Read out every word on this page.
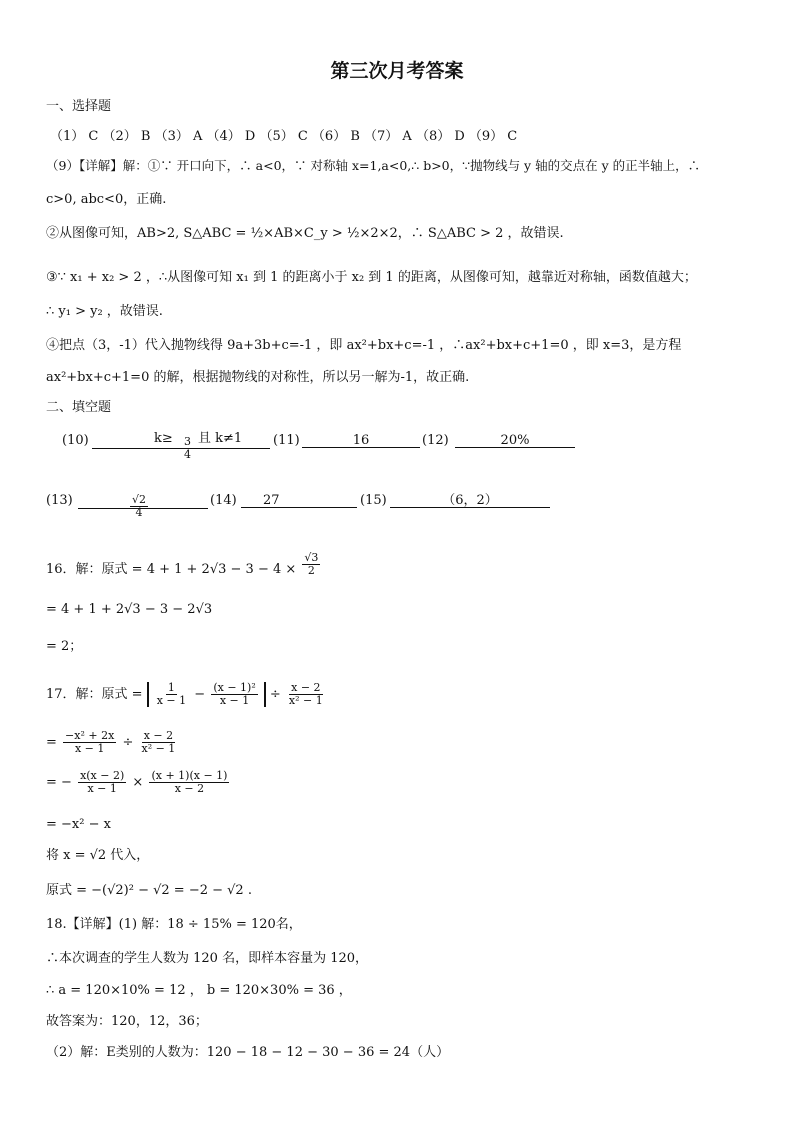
第三次月考答案
一、选择题
（1） C （2） B （3） A （4） D （5） C （6） B （7） A （8） D （9） C
（9）【详解】解：①∵ 开口向下，∴ a<0，∵ 对称轴 x=1,a<0,∴ b>0，∵抛物线与 y 轴的交点在 y 的正半轴上，∴
c>0, abc<0，正确.
②从图像可知，AB>2, S△ABC = ½×AB×C_y > ½×2×2，∴ S△ABC > 2 ，故错误.
③∵ x₁ + x₂ > 2 ，∴从图像可知 x₁ 到 1 的距离小于 x₂ 到 1 的距离，从图像可知，越靠近对称轴，函数值越大；
∴ y₁ > y₂ ，故错误.
④把点（3，-1）代入抛物线得 9a+3b+c=-1 ，即 ax²+bx+c=-1 ，∴ax²+bx+c+1=0 ，即 x=3，是方程
ax²+bx+c+1=0 的解，根据抛物线的对称性，所以另一解为-1，故正确.
二、填空题
(10)	$k\ge \frac{3}{4}$ 且 k≠1 (11)	16	(12)	20%
(13)	$\frac{√2}{4}$	(14)	27	(15)	（6，2）
16．解：原式 = $4 + 1 + 2√3 - 3 - 4 \times \frac{√3}{2}$
= 4 + 1 + 2√3 − 3 − 2√3
= 2；
17．解：原式 = $\frac{1}{x - 1} - \frac{\text{(x − 1)²}}{x - 1} \div \frac{x - 2}{\text{x² − 1}}$
= $\frac{\text{−x² + 2x}}{x - 1} \div \frac{x - 2}{\text{x² − 1}}$
= − $\frac{x(x - 2)}{x - 1} \times \frac{(x + 1)(x - 1)}{x - 2}$
= −x² − x
将 x = √2 代入，
原式 = −(√2)² − √2 = −2 − √2 .
18.【详解】(1) 解：18 ÷ 15% = 120名，
∴本次调查的学生人数为 120 名，即样本容量为 120，
∴ a = 120×10% = 12 ， b = 120×30% = 36 ，
故答案为：120，12，36；
（2）解：E类别的人数为：120 − 18 − 12 − 30 − 36 = 24（人）
